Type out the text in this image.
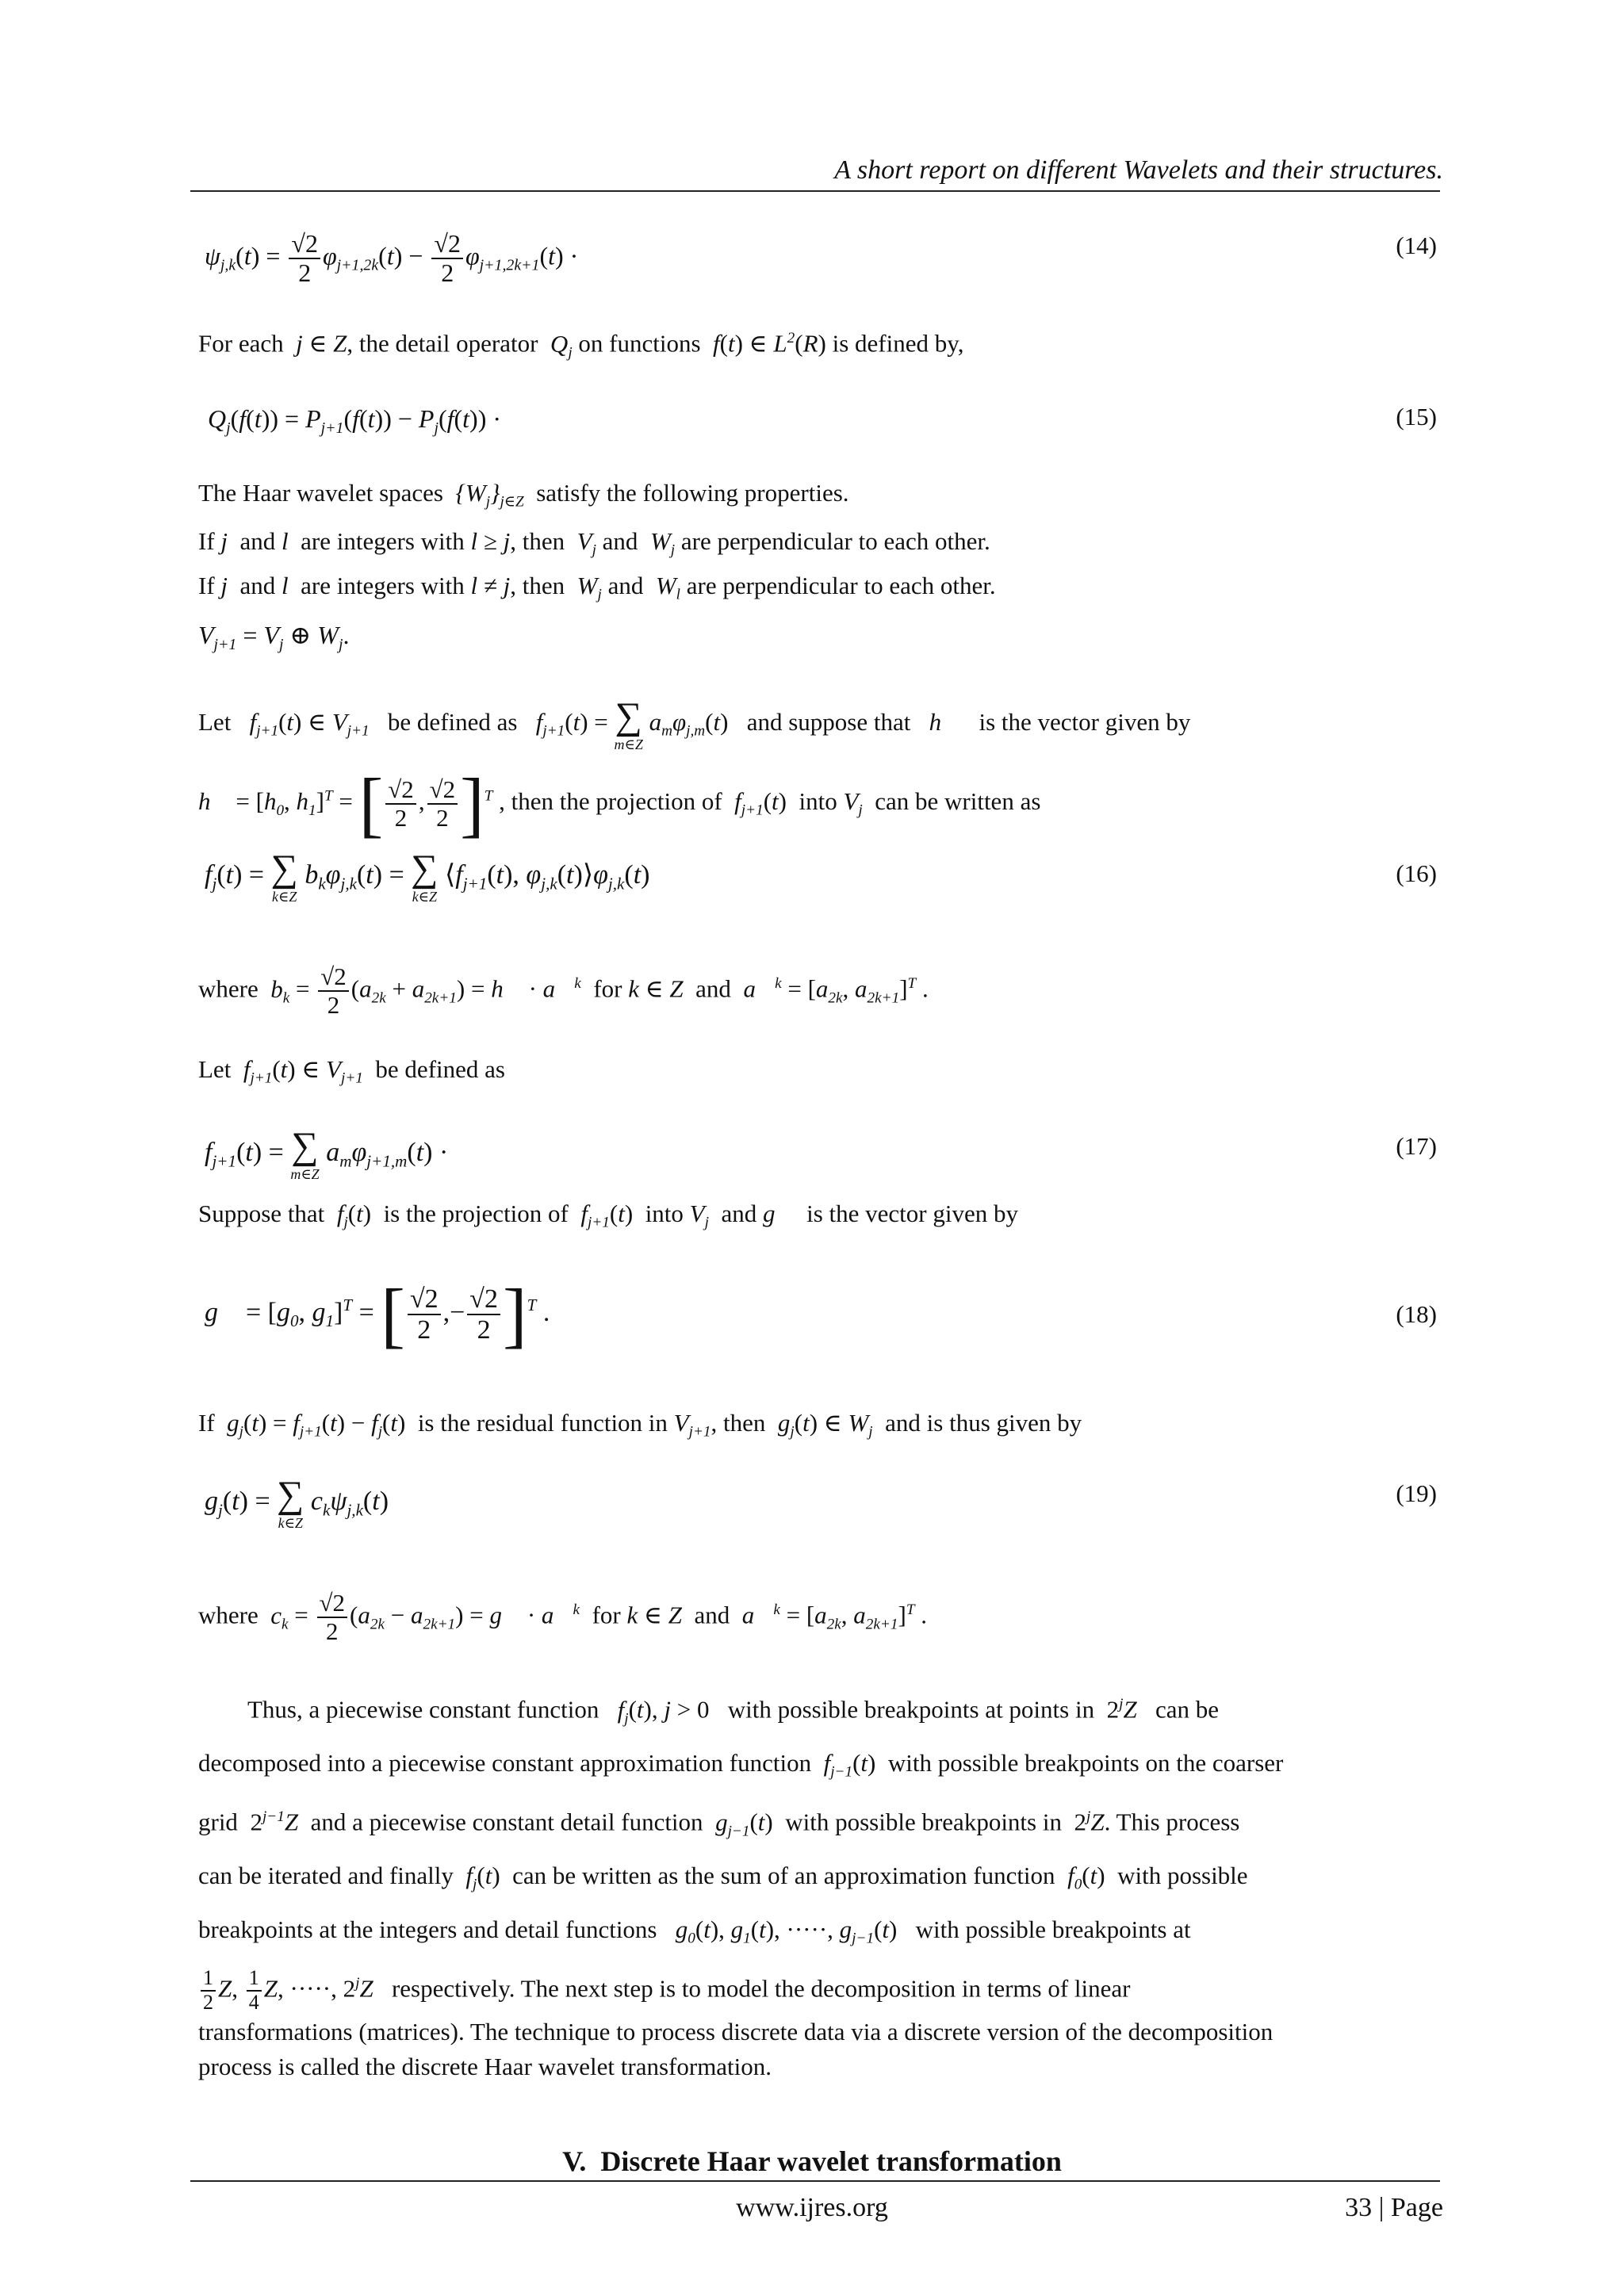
A short report on different Wavelets and their structures.
$\psi_{j,k}(t) = \frac{√2}{2} \varphi_{j+1,2k}(t) - \frac{√2}{2} \varphi_{j+1,2k+1}(t)$ ·	(14)
For each  j ∈ Z, the detail operator  $Q_j$ on functions  f(t) ∈ $L^2(R)$ is defined by,
$Q_j(f(t)) = P_{j+1}(f(t)) - P_j(f(t))$ ·	(15)
The Haar wavelet spaces  $\{W_j\}_{j\in Z}$ satisfy the following properties.
If j  and l  are integers with l ≥ j, then  $V_j$ and  $W_j$ are perpendicular to each other.
If j  and l  are integers with l ≠ j, then  $W_j$ and  $W_l$ are perpendicular to each other.
$V_{j+1} = V_j$ ⊕ $W_j$.
Let $f_{j+1}(t)$ ∈ $V_{j+1}$ be defined as $f_{j+1}(t)$ = ∑
m∈Z
$a_m\varphi_{j,m}(t)$   and suppose that h⃗ is the vector given by
h⃗ = [$h_0$, $h_1]^T$ = [ $\frac{√2}{2}$ , $\frac{√2}{2} ]^T$ , then the projection of  $f_{j+1}(t)$  into $V_j$ can be written as
$f_j(t)$ = ∑
k∈Z
$b_k\varphi_{j,k}(t)$ = ∑
k∈Z
$⟨f_{j+1}(t)$, $\varphi_{j,k}(t)⟩\varphi_{j,k}(t)$	(16)
where $b_k = \frac{√2}{2} (a_{2k} + a_{2k+1})$ = h⃗ · a⃗$^k$ for k ∈ Z  and a⃗$^k$ = [$a_{2k}$, $a_{2k+1}]^T$ .
Let $f_{j+1}(t)$ ∈ $V_{j+1}$ be defined as
$f_{j+1}(t)$ = ∑
m∈Z
$a_m\varphi_{j+1,m}(t)$ ·	(17)
Suppose that $f_j(t)$  is the projection of $f_{j+1}(t)$  into $V_j$ and g⃗  is the vector given by
g⃗ = [$g_0$, $g_1]^T$ = [ $\frac{√2}{2}$ ,− $\frac{√2}{2} ]^T$ .	(18)
If $g_j(t) = f_{j+1}(t) - f_j(t)$  is the residual function in $V_{j+1}$, then $g_j(t)$ ∈ $W_j$ and is thus given by
$g_j(t)$ = ∑
k∈Z
$c_k\psi_{j,k}(t)$	(19)
where $c_k = \frac{√2}{2} (a_{2k} - a_{2k+1})$ = g⃗ · a⃗$^k$ for k ∈ Z  and a⃗$^k$ = [$a_{2k}$, $a_{2k+1}]^T$ .
Thus, a piecewise constant function $f_j(t)$, j > 0   with possible breakpoints at points in  2$^j$Z can be
decomposed into a piecewise constant approximation function $f_{j-1}(t)$  with possible breakpoints on the coarser
grid  $2^{j-1}Z$ and a piecewise constant detail function $g_{j-1}(t)$  with possible breakpoints in  2$^j$Z. This process
can be iterated and finally $f_j(t)$  can be written as the sum of an approximation function $f_0(t)$  with possible
breakpoints at the integers and detail functions $g_0(t)$, $g_1(t)$, ·····, $g_{j-1}(t)$   with possible breakpoints at
$\frac{1}{2} Z$, $\frac{1}{4} Z$, ·····, 2$^j$Z respectively. The next step is to model the decomposition in terms of linear
transformations (matrices). The technique to process discrete data via a discrete version of the decomposition
process is called the discrete Haar wavelet transformation.
V. Discrete Haar wavelet transformation
www.ijres.org	33 | Page
